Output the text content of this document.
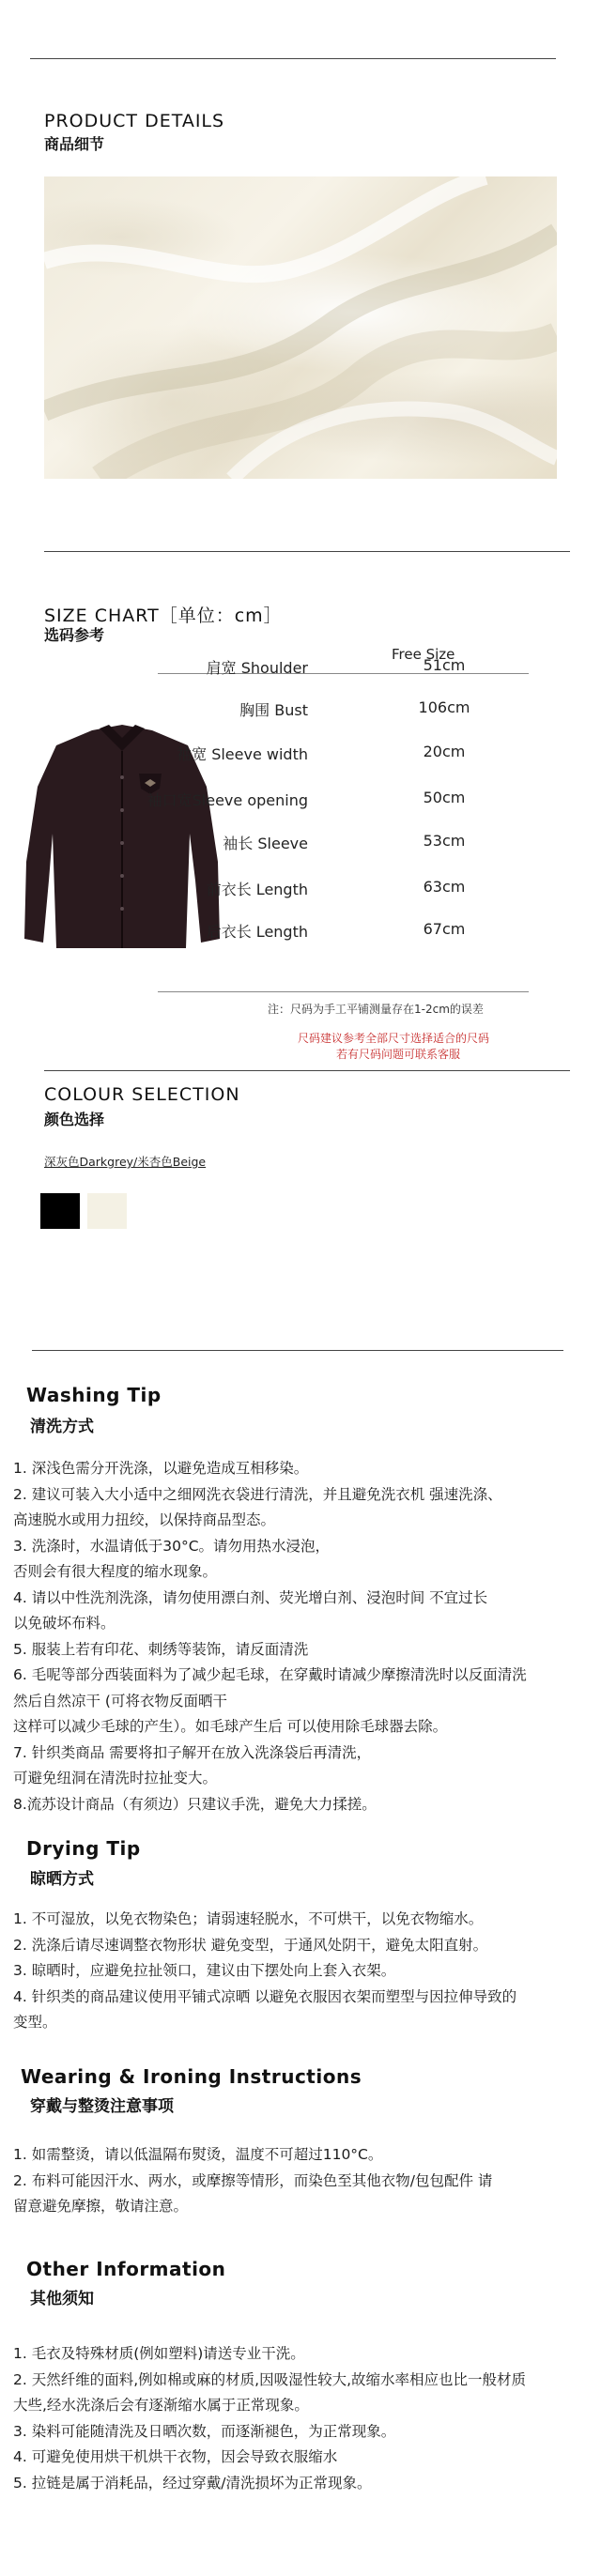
PRODUCT DETAILS
商品细节
SIZE CHART［单位：cm］
选码参考
Free Size
肩宽 Shoulder	51cm
胸围 Bust	106cm
袖宽 Sleeve width	20cm
袖口宽Sleeve opening	50cm
袖长 Sleeve	53cm
前衣长 Length	63cm
后衣长 Length	67cm
注：尺码为手工平铺测量存在1-2cm的误差
尺码建议参考全部尺寸选择适合的尺码
若有尺码问题可联系客服
COLOUR SELECTION
颜色选择
深灰色Darkgrey/米杏色Beige
Washing Tip
清洗方式
1. 深浅色需分开洗涤，以避免造成互相移染。
2. 建议可装入大小适中之细网洗衣袋进行清洗，并且避免洗衣机 强速洗涤、
高速脱水或用力扭绞，以保持商品型态。
3. 洗涤时，水温请低于30°C。请勿用热水浸泡，
否则会有很大程度的缩水现象。
4. 请以中性洗剂洗涤，请勿使用漂白剂、荧光增白剂、浸泡时间 不宜过长
以免破坏布料。
5. 服装上若有印花、刺绣等装饰，请反面清洗
6. 毛呢等部分西装面料为了减少起毛球，在穿戴时请减少摩擦清洗时以反面清洗
然后自然凉干 (可将衣物反面晒干
这样可以减少毛球的产生）。如毛球产生后 可以使用除毛球器去除。
7. 针织类商品 需要将扣子解开在放入洗涤袋后再清洗，
可避免纽洞在清洗时拉扯变大。
8.流苏设计商品（有须边）只建议手洗，避免大力揉搓。
Drying Tip
晾晒方式
1. 不可湿放，以免衣物染色；请弱速轻脱水，不可烘干，以免衣物缩水。
2. 洗涤后请尽速调整衣物形状 避免变型，于通风处阴干，避免太阳直射。
3. 晾晒时，应避免拉扯领口，建议由下摆处向上套入衣架。
4. 针织类的商品建议使用平铺式凉晒 以避免衣服因衣架而塑型与因拉伸导致的
变型。
Wearing & Ironing Instructions
穿戴与整烫注意事项
1. 如需整烫，请以低温隔布熨烫，温度不可超过110°C。
2. 布料可能因汗水、两水，或摩擦等情形，而染色至其他衣物/包包配件 请
留意避免摩擦，敬请注意。
Other Information
其他须知
1. 毛衣及特殊材质(例如塑料)请送专业干洗。
2. 天然纤维的面料,例如棉或麻的材质,因吸湿性较大,故缩水率相应也比一般材质
大些,经水洗涤后会有逐渐缩水属于正常现象。
3. 染料可能随清洗及日晒次数，而逐渐褪色，为正常现象。
4. 可避免使用烘干机烘干衣物，因会导致衣服缩水
5. 拉链是属于消耗品，经过穿戴/清洗损坏为正常现象。
